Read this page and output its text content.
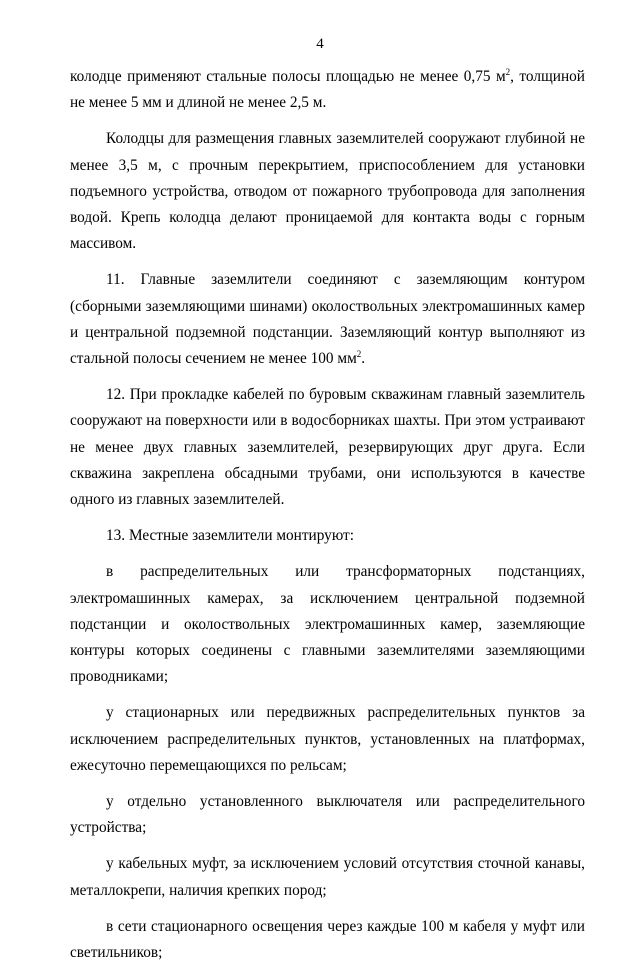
4

колодце применяют стальные полосы площадью не менее 0,75 $м^2$, толщиной не менее 5 мм и длиной не менее 2,5 м.

Колодцы для размещения главных заземлителей сооружают глубиной не менее 3,5 м, с прочным перекрытием, приспособлением для установки подъемного устройства, отводом от пожарного трубопровода для заполнения водой. Крепь колодца делают проницаемой для контакта воды с горным массивом.

11. Главные заземлители соединяют с заземляющим контуром (сборными заземляющими шинами) околоствольных электромашинных камер и центральной подземной подстанции. Заземляющий контур выполняют из стальной полосы сечением не менее 100 $мм^2$.

12. При прокладке кабелей по буровым скважинам главный заземлитель сооружают на поверхности или в водосборниках шахты. При этом устраивают не менее двух главных заземлителей, резервирующих друг друга. Если скважина закреплена обсадными трубами, они используются в качестве одного из главных заземлителей.

13. Местные заземлители монтируют:

в распределительных или трансформаторных подстанциях, электромашинных камерах, за исключением центральной подземной подстанции и околоствольных электромашинных камер, заземляющие контуры которых соединены с главными заземлителями заземляющими проводниками;

у стационарных или передвижных распределительных пунктов за исключением распределительных пунктов, установленных на платформах, ежесуточно перемещающихся по рельсам;

у отдельно установленного выключателя или распределительного устройства;

у кабельных муфт, за исключением условий отсутствия сточной канавы, металлокрепи, наличия крепких пород;

в сети стационарного освещения через каждые 100 м кабеля у муфт или светильников;
